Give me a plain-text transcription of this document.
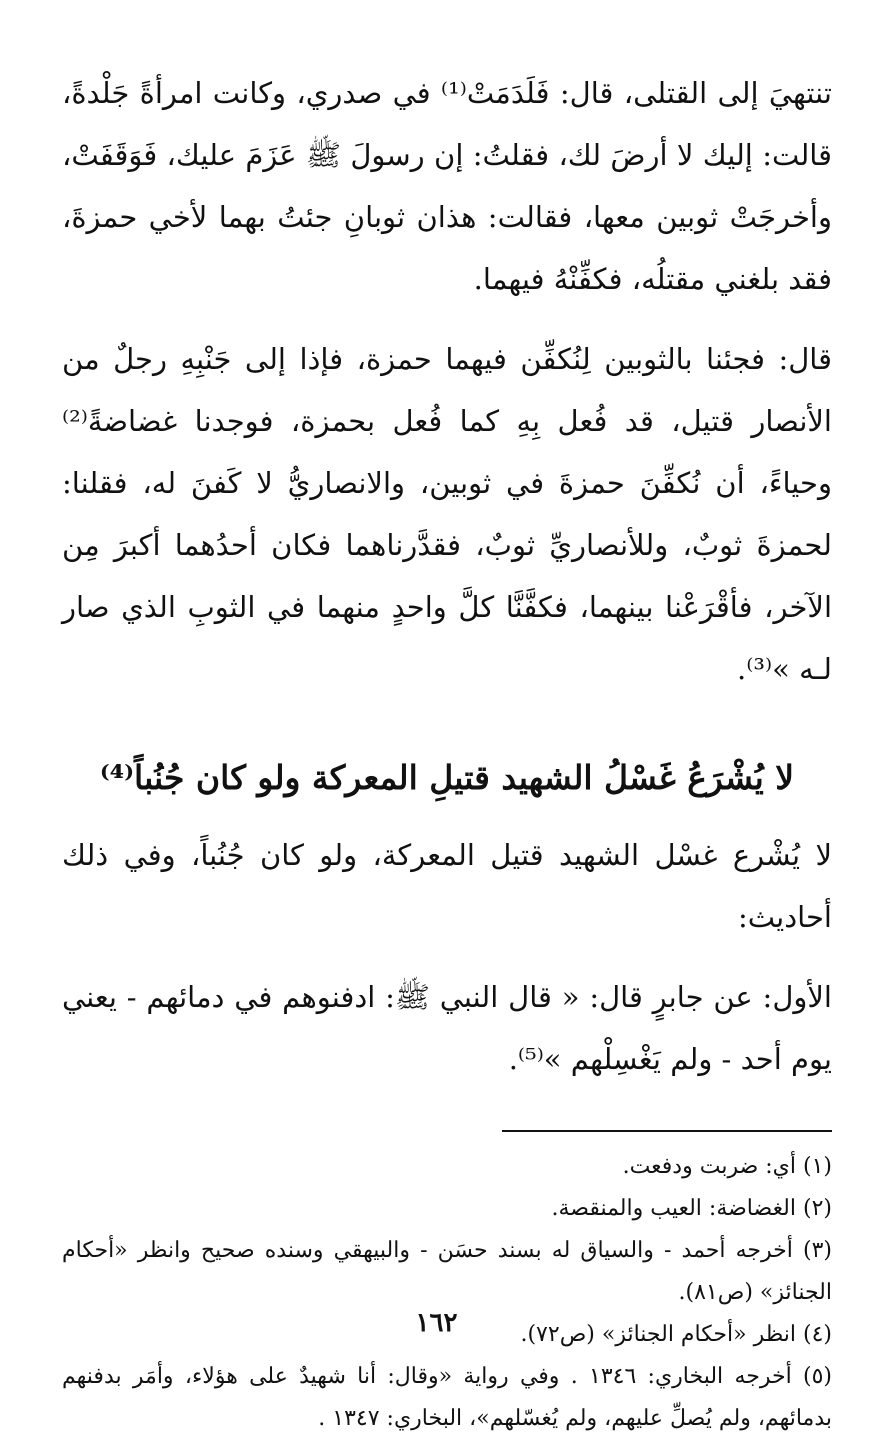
تنتهيَ إلى القتلى، قال: فَلَدَمَتْ⁽¹⁾ في صدري، وكانت امرأةً جَلْدةً، قالت: إليك لا أرضَ لك، فقلتُ: إن رسولَ ﷺ عَزَمَ عليك، فَوَقَفَتْ، وأخرجَتْ ثوبين معها، فقالت: هذان ثوبانِ جئتُ بهما لأخي حمزةَ، فقد بلغني مقتلُه، فكفِّنْهُ فيهما.

قال: فجئنا بالثوبين لِنُكفِّن فيهما حمزة، فإذا إلى جَنْبِهِ رجلٌ من الأنصار قتيل، قد فُعل بِهِ كما فُعل بحمزة، فوجدنا غضاضةً⁽²⁾ وحياءً، أن نُكفِّنَ حمزةَ في ثوبين، والانصاريُّ لا كَفنَ له، فقلنا: لحمزةَ ثوبٌ، وللأنصاريِّ ثوبٌ، فقدَّرناهما فكان أحدُهما أكبرَ مِن الآخر، فأقْرَعْنا بينهما، فكفَّنَّا كلَّ واحدٍ منهما في الثوبِ الذي صار لـه »⁽³⁾.

لا يُشْرَعُ غَسْلُ الشهيد قتيلِ المعركة ولو كان جُنُباً⁽⁴⁾

لا يُشْرع غسْل الشهيد قتيل المعركة، ولو كان جُنُباً، وفي ذلك أحاديث:

الأول: عن جابرٍ قال: « قال النبي ﷺ: ادفنوهم في دمائهم - يعني يوم أحد - ولم يَغْسِلْهم »⁽⁵⁾.

(١) أي: ضربت ودفعت.

(٢) الغضاضة: العيب والمنقصة.

(٣) أخرجه أحمد - والسياق له بسند حسَن - والبيهقي وسنده صحيح وانظر «أحكام الجنائز» (ص٨١).

(٤) انظر «أحكام الجنائز» (ص٧٢).

(٥) أخرجه البخاري: ١٣٤٦ . وفي رواية «وقال: أنا شهيدٌ على هؤلاء، وأمَر بدفنهم بدمائهم، ولم يُصلِّ عليهم، ولم يُغسّلهم»، البخاري: ١٣٤٧ .

١٦٢
